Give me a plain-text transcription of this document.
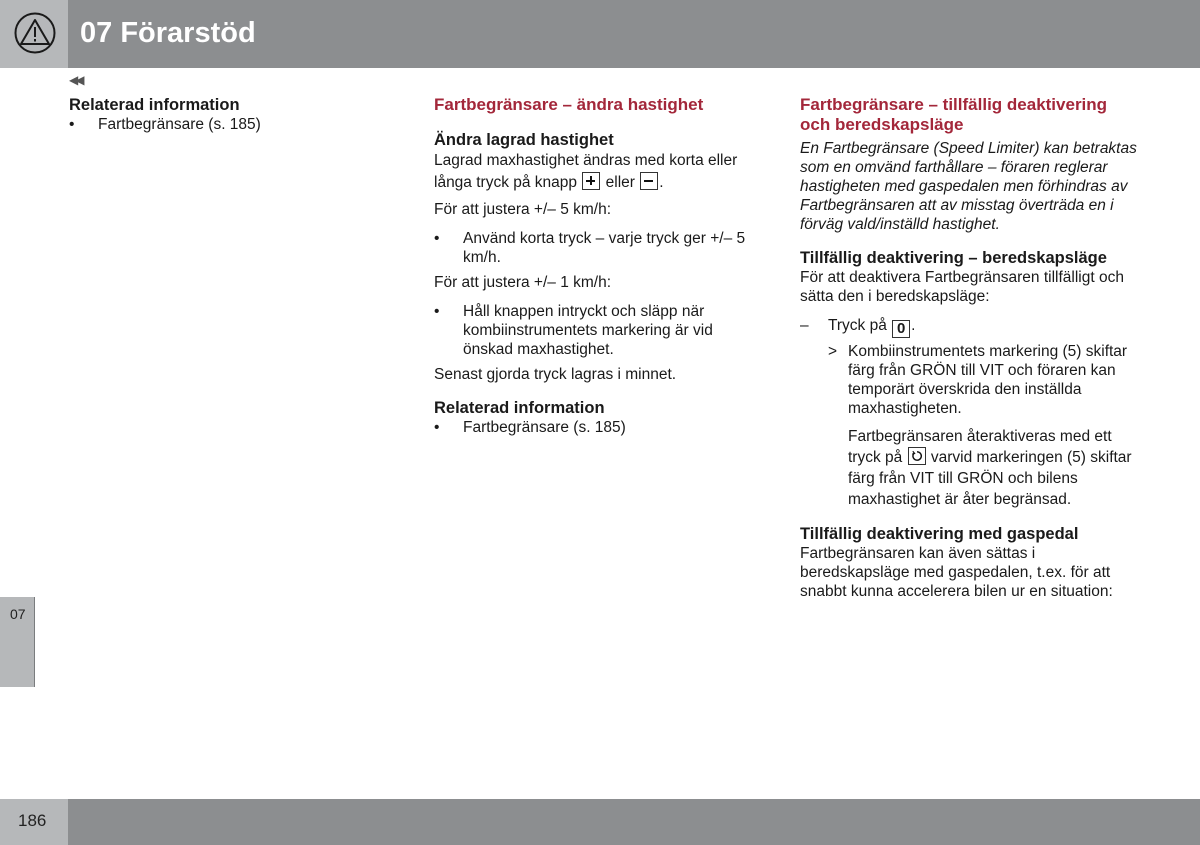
07 Förarstöd
◀◀
07
186
Relaterad information
•	Fartbegränsare (s. 185)
Fartbegränsare – ändra hastighet
Ändra lagrad hastighet

Lagrad maxhastighet ändras med korta eller
långa tryck på knapp eller .

För att justera +/– 5 km/h:

•	Använd korta tryck – varje tryck ger +/– 5 km/h.

För att justera +/– 1 km/h:

•	Håll knappen intryckt och släpp när kombiinstrumentets markering är vid önskad maxhastighet.

Senast gjorda tryck lagras i minnet.

Relaterad information
•	Fartbegränsare (s. 185)
Fartbegränsare – tillfällig deaktivering och beredskapsläge

En Fartbegränsare (Speed Limiter) kan betraktas som en omvänd farthållare – föraren reglerar hastigheten med gaspedalen men förhindras av Fartbegränsaren att av misstag överträda en i förväg vald/inställd hastighet.

Tillfällig deaktivering – beredskapsläge

För att deaktivera Fartbegränsaren tillfälligt och sätta den i beredskapsläge:

–	Tryck på 0 .
> Kombiinstrumentets markering (5) skiftar färg från GRÖN till VIT och föraren kan temporärt överskrida den inställda maxhastigheten.
Fartbegränsaren återaktiveras med ett
tryck på varvid markeringen (5) skiftar färg från VIT till GRÖN och bilens maxhastighet är åter begränsad.
Tillfällig deaktivering med gaspedal

Fartbegränsaren kan även sättas i beredskapsläge med gaspedalen, t.ex. för att snabbt kunna accelerera bilen ur en situation:
